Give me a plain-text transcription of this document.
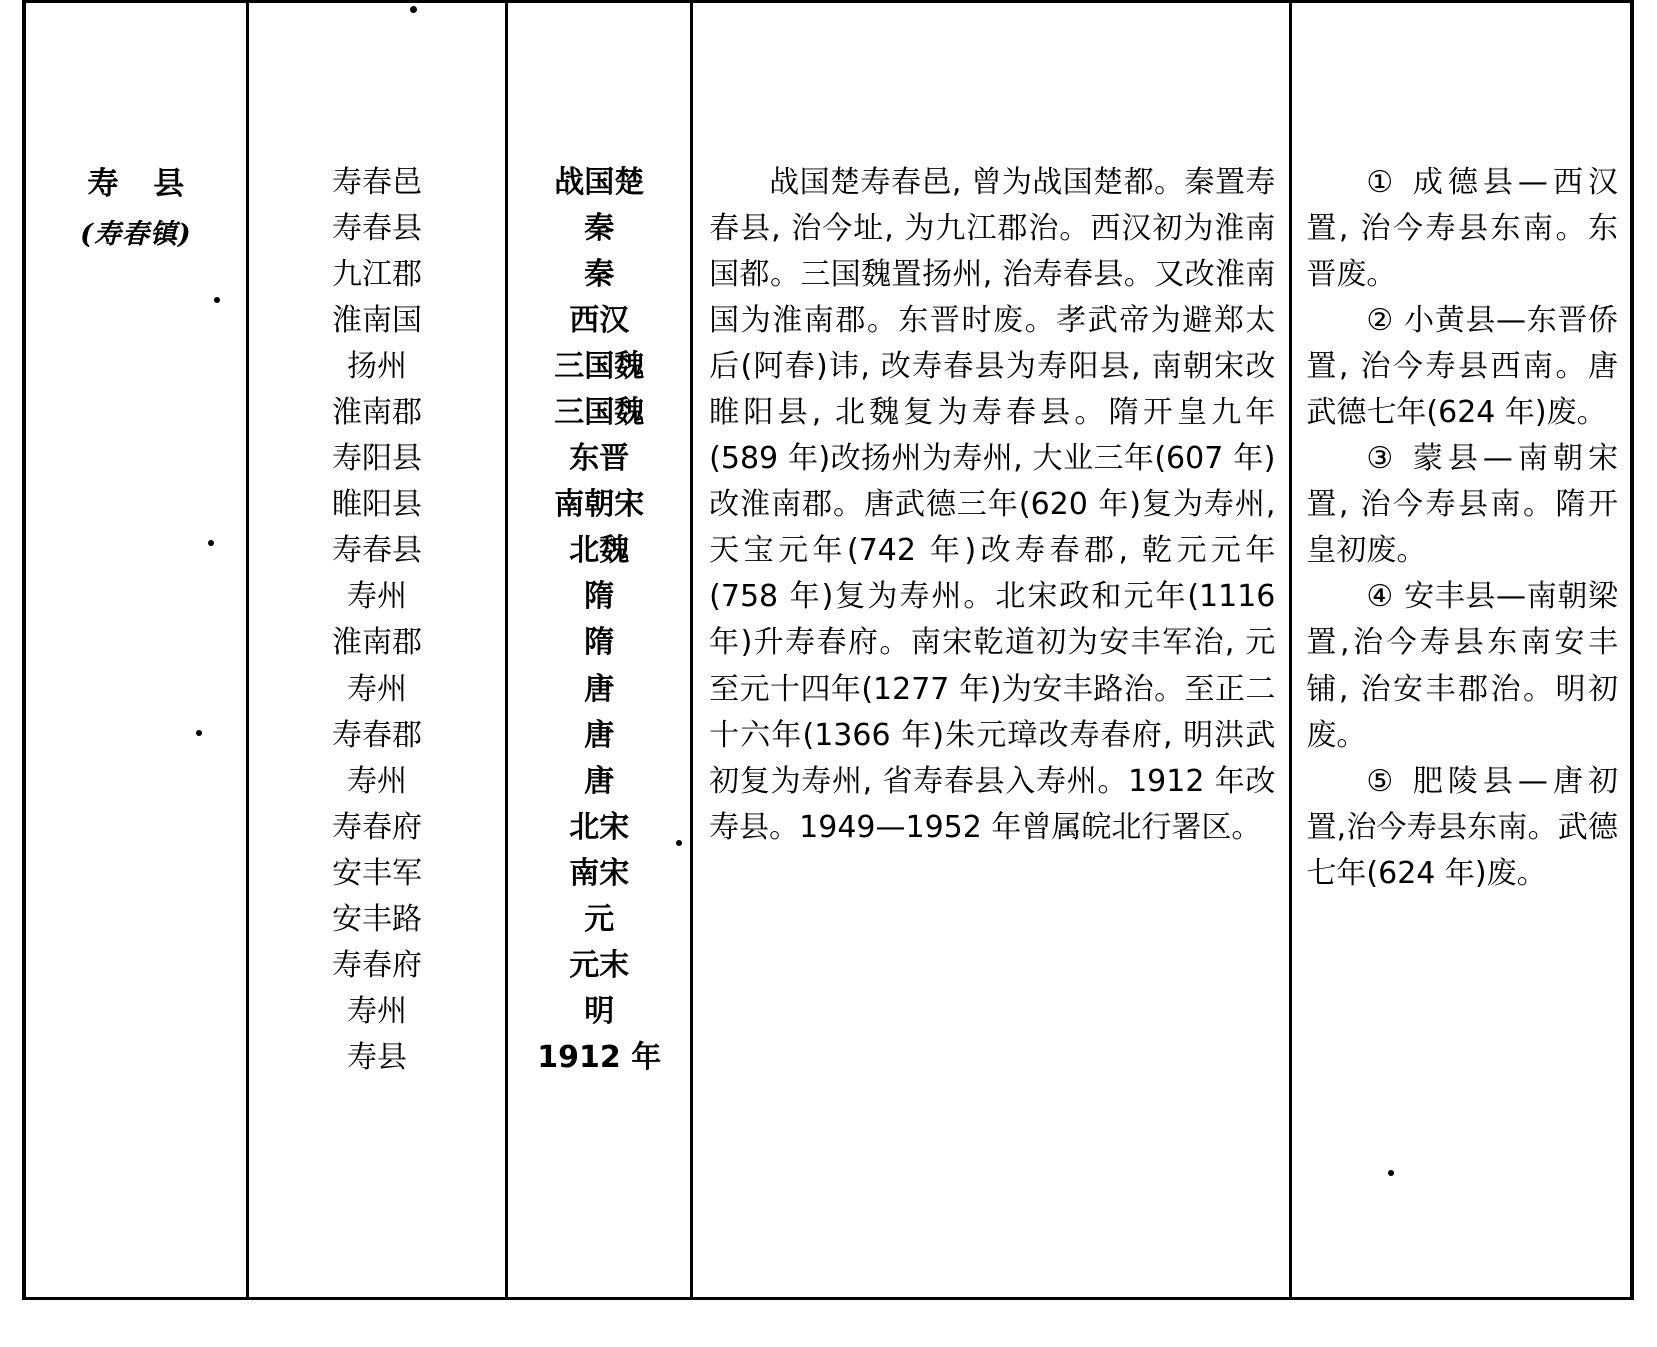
寿 县
(寿春镇)
寿春邑
寿春县
九江郡
淮南国
扬州
淮南郡
寿阳县
睢阳县
寿春县
寿州
淮南郡
寿州
寿春郡
寿州
寿春府
安丰军
安丰路
寿春府
寿州
寿县
战国楚
秦
秦
西汉
三国魏
三国魏
东晋
南朝宋
北魏
隋
隋
唐
唐
唐
北宋
南宋
元
元末
明
1912 年
战国楚寿春邑, 曾为战国楚都。秦置寿春县, 治今址, 为九江郡治。西汉初为淮南国都。三国魏置扬州, 治寿春县。又改淮南国为淮南郡。东晋时废。孝武帝为避郑太后(阿春)讳, 改寿春县为寿阳县, 南朝宋改睢阳县, 北魏复为寿春县。隋开皇九年(589 年)改扬州为寿州, 大业三年(607 年)改淮南郡。唐武德三年(620 年)复为寿州, 天宝元年(742 年)改寿春郡, 乾元元年(758 年)复为寿州。北宋政和元年(1116 年)升寿春府。南宋乾道初为安丰军治, 元至元十四年(1277 年)为安丰路治。至正二十六年(1366 年)朱元璋改寿春府, 明洪武初复为寿州, 省寿春县入寿州。1912 年改寿县。1949—1952 年曾属皖北行署区。

① 成德县—西汉置, 治今寿县东南。东晋废。

② 小黄县—东晋侨置, 治今寿县西南。唐武德七年(624 年)废。

③ 蒙县—南朝宋置, 治今寿县南。隋开皇初废。

④ 安丰县—南朝梁置,治今寿县东南安丰铺, 治安丰郡治。明初废。

⑤ 肥陵县—唐初置,治今寿县东南。武德七年(624 年)废。
